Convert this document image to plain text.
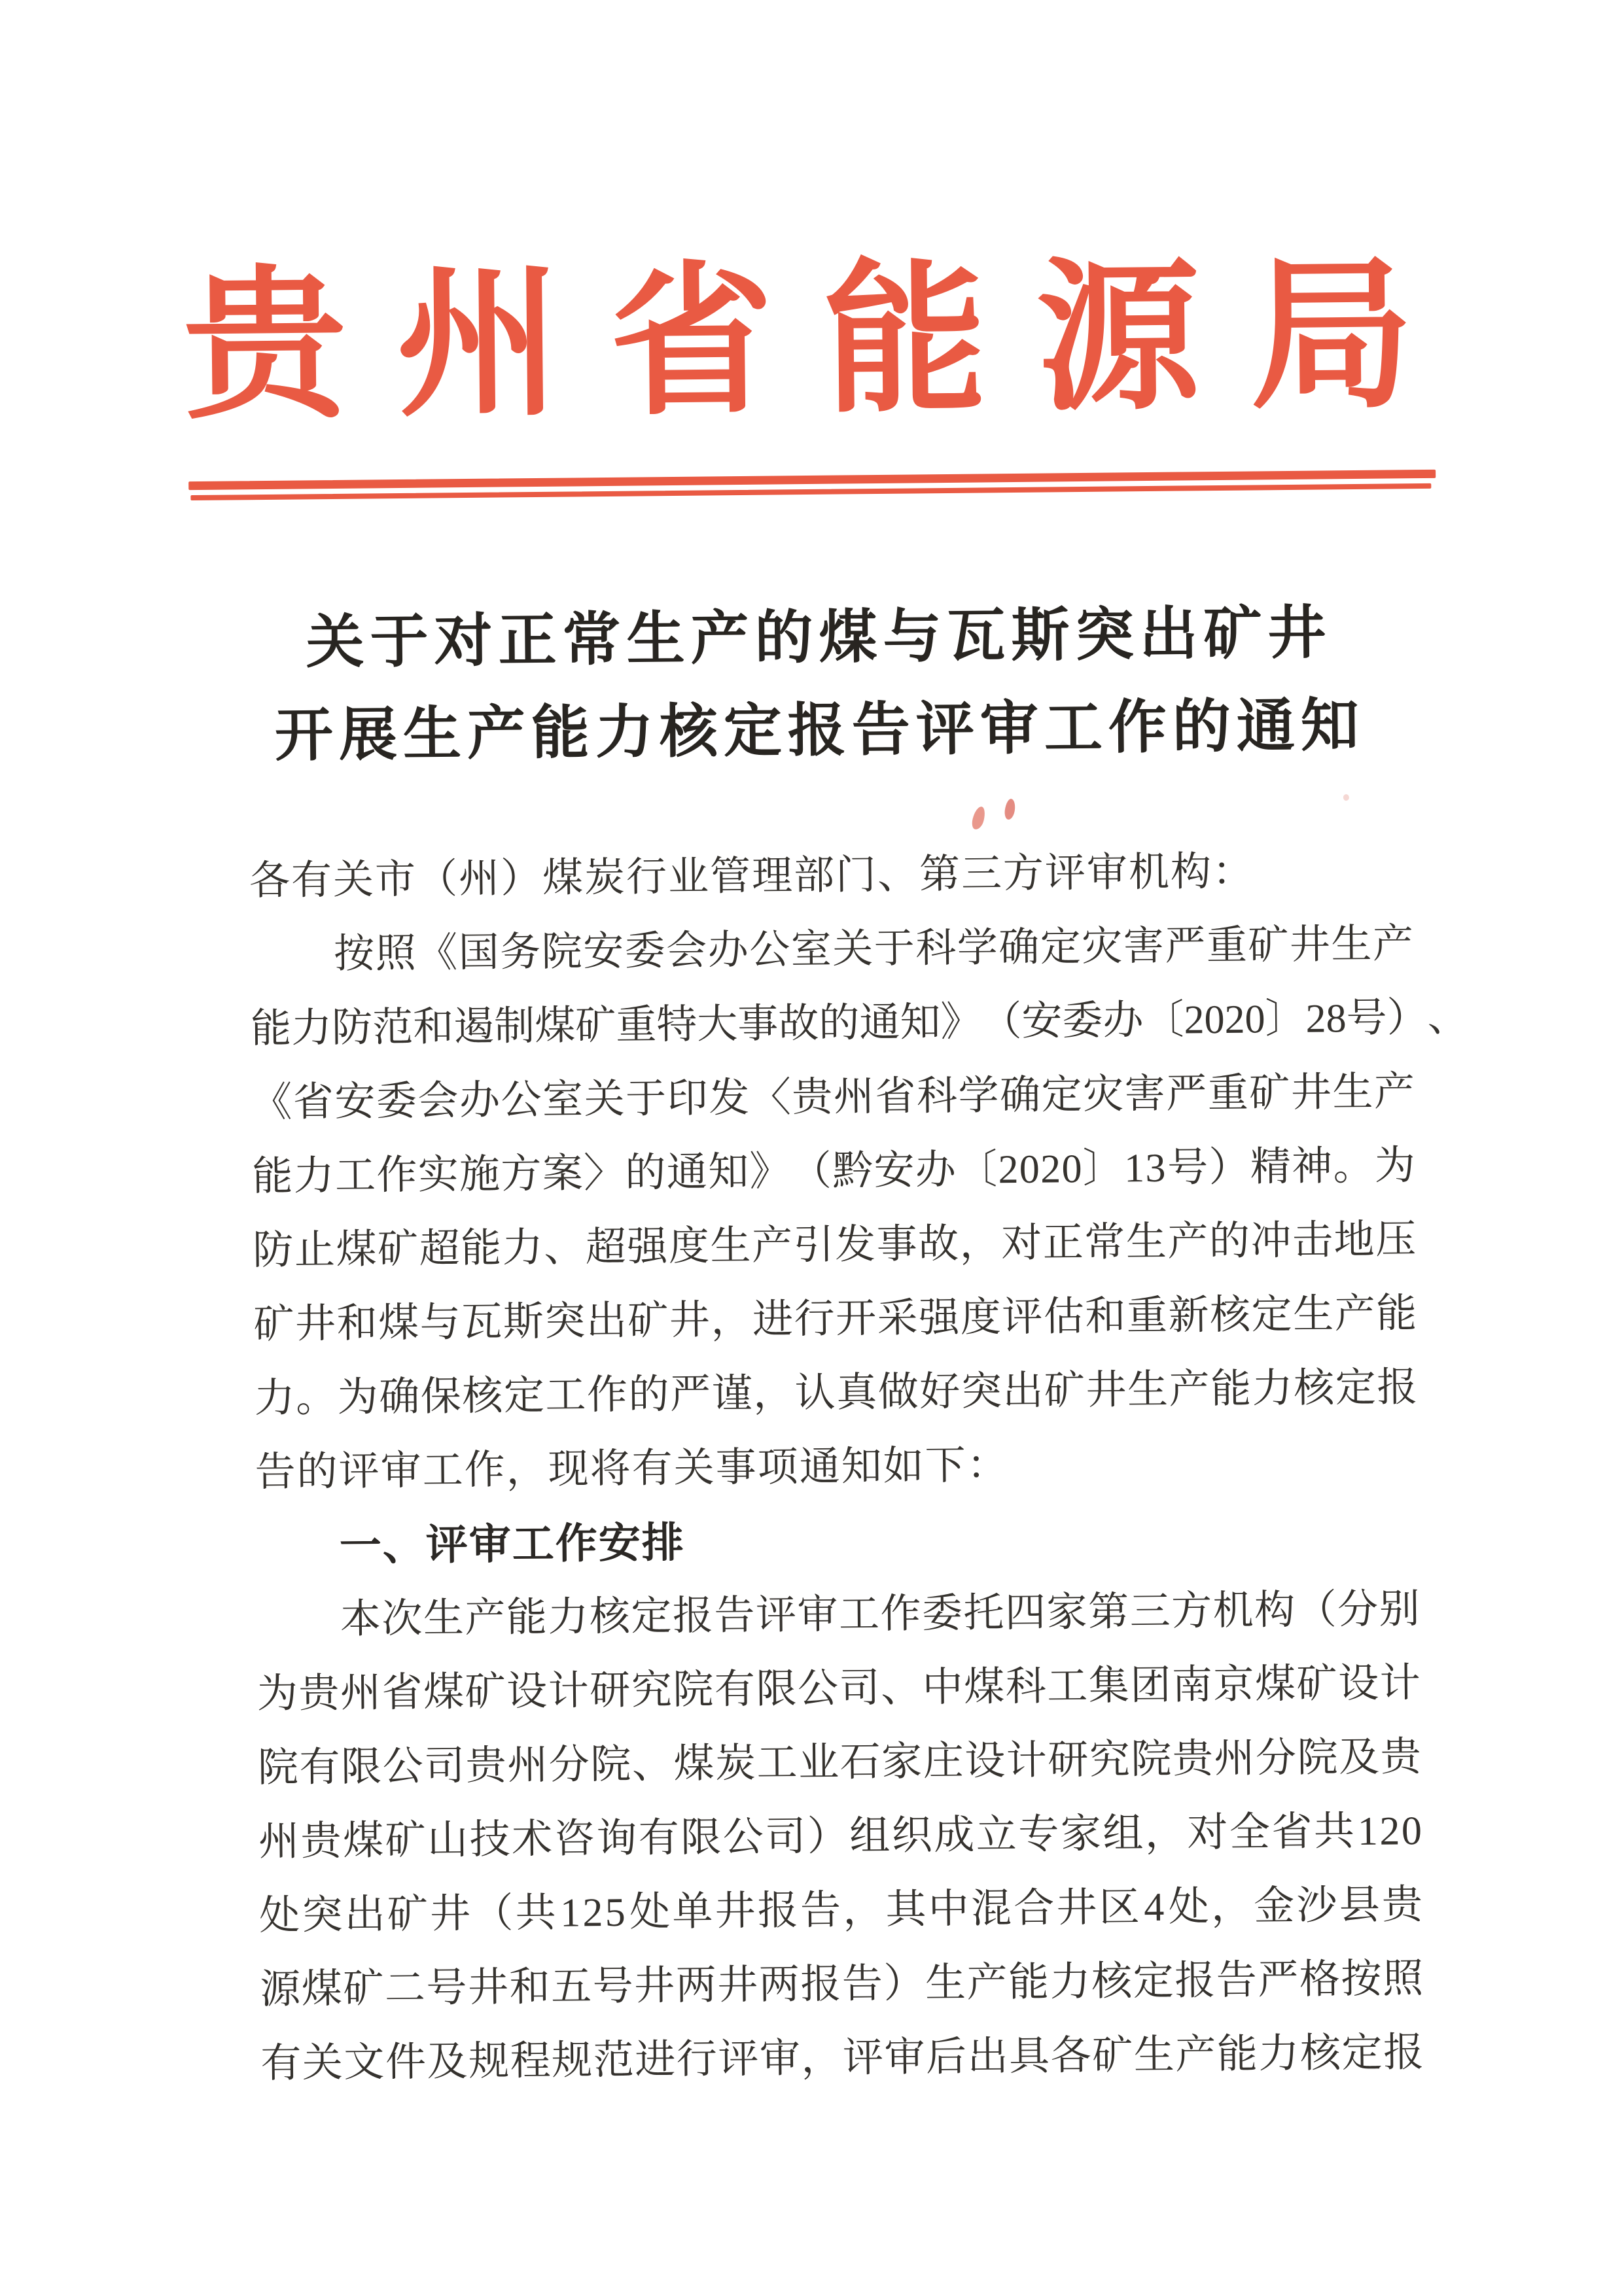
贵 州 省 能 源 局
关于对正常生产的煤与瓦斯突出矿井
开展生产能力核定报告评审工作的通知
各有关市（州）煤炭行业管理部门、第三方评审机构：
按 照 《 国 务 院 安 委 会 办 公 室 关 于 科 学 确 定 灾 害 严 重 矿 井 生 产
能 力 防 范 和 遏 制 煤 矿 重 特 大 事 故 的 通 知 》 （ 安 委 办 〔 2 0 2 0 〕 2 8 号 ） 、
《 省 安 委 会 办 公 室 关 于 印 发 〈 贵 州 省 科 学 确 定 灾 害 严 重 矿 井 生 产
能 力 工 作 实 施 方 案 〉 的 通 知 》 （ 黔 安 办 〔 2 0 2 0 〕 1 3 号 ） 精 神 。 为
防 止 煤 矿 超 能 力 、 超 强 度 生 产 引 发 事 故 ， 对 正 常 生 产 的 冲 击 地 压
矿 井 和 煤 与 瓦 斯 突 出 矿 井 ， 进 行 开 采 强 度 评 估 和 重 新 核 定 生 产 能
力 。 为 确 保 核 定 工 作 的 严 谨 ， 认 真 做 好 突 出 矿 井 生 产 能 力 核 定 报
告的评审工作，现将有关事项通知如下：
一、评审工作安排
本 次 生 产 能 力 核 定 报 告 评 审 工 作 委 托 四 家 第 三 方 机 构 （ 分 别
为 贵 州 省 煤 矿 设 计 研 究 院 有 限 公 司 、 中 煤 科 工 集 团 南 京 煤 矿 设 计
院 有 限 公 司 贵 州 分 院 、 煤 炭 工 业 石 家 庄 设 计 研 究 院 贵 州 分 院 及 贵
州 贵 煤 矿 山 技 术 咨 询 有 限 公 司 ） 组 织 成 立 专 家 组 ， 对 全 省 共 1 2 0
处 突 出 矿 井 （ 共 1 2 5 处 单 井 报 告 ， 其 中 混 合 井 区 4 处 ， 金 沙 县 贵
源 煤 矿 二 号 井 和 五 号 井 两 井 两 报 告 ） 生 产 能 力 核 定 报 告 严 格 按 照
有 关 文 件 及 规 程 规 范 进 行 评 审 ， 评 审 后 出 具 各 矿 生 产 能 力 核 定 报
